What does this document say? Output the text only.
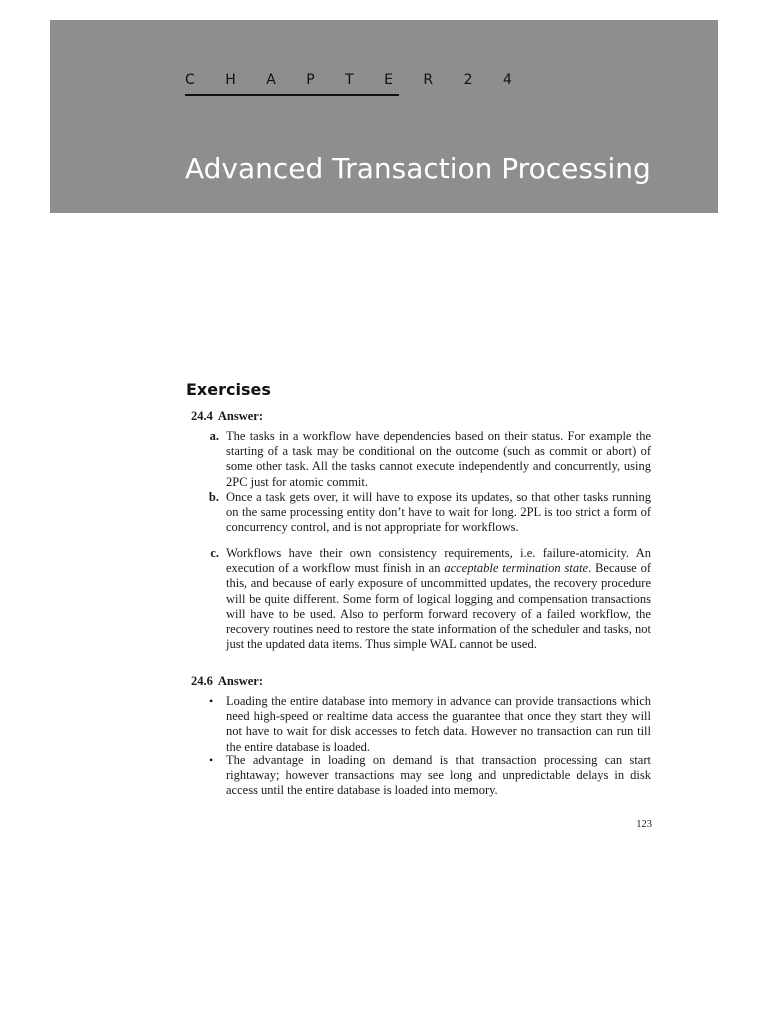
C H A P T E R 2 4
Advanced Transaction Processing
Exercises
24.4 Answer:
a. The tasks in a workflow have dependencies based on their status. For example the starting of a task may be conditional on the outcome (such as commit or abort) of some other task. All the tasks cannot execute independently and concurrently, using 2PC just for atomic commit.
b. Once a task gets over, it will have to expose its updates, so that other tasks running on the same processing entity don’t have to wait for long. 2PL is too strict a form of concurrency control, and is not appropriate for workflows.
c. Workflows have their own consistency requirements, i.e. failure-atomicity. An execution of a workflow must finish in an acceptable termination state. Because of this, and because of early exposure of uncommitted updates, the recovery procedure will be quite different. Some form of logical logging and compensation transactions will have to be used. Also to perform forward recovery of a failed workflow, the recovery routines need to restore the state information of the scheduler and tasks, not just the updated data items. Thus simple WAL cannot be used.
24.6 Answer:
• Loading the entire database into memory in advance can provide transactions which need high-speed or realtime data access the guarantee that once they start they will not have to wait for disk accesses to fetch data. However no transaction can run till the entire database is loaded.
• The advantage in loading on demand is that transaction processing can start rightaway; however transactions may see long and unpredictable delays in disk access until the entire database is loaded into memory.
123
